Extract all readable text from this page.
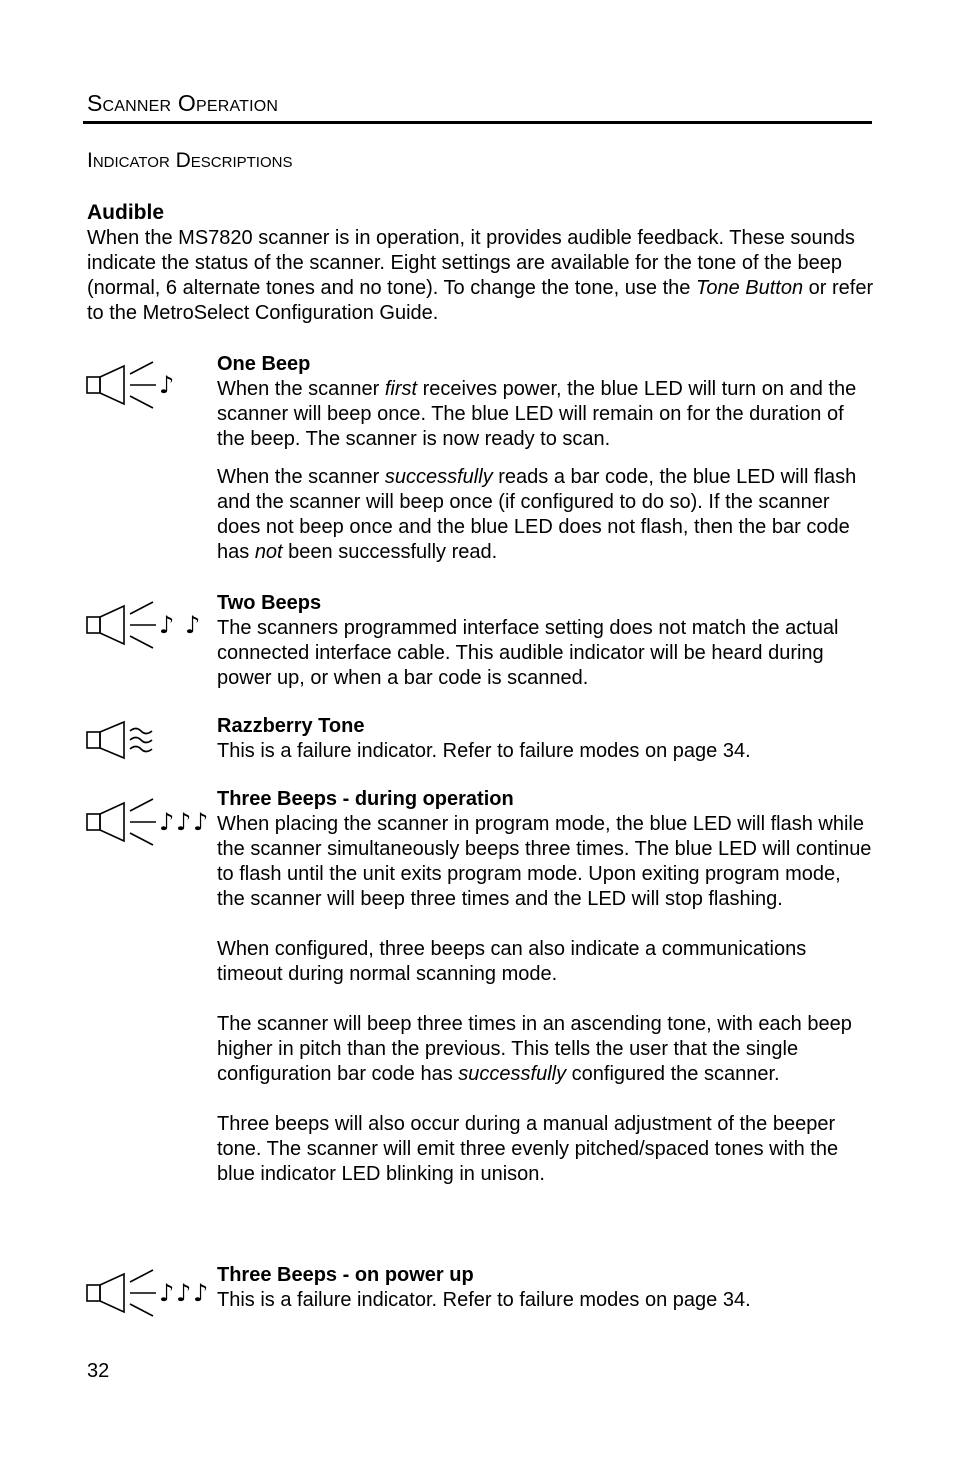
Scanner Operation
Indicator Descriptions
Audible

When the MS7820 scanner is in operation, it provides audible feedback. These sounds indicate the status of the scanner. Eight settings are available for the tone of the beep (normal, 6 alternate tones and no tone). To change the tone, use the Tone Button or refer to the MetroSelect Configuration Guide.

♪
One Beep

When the scanner first receives power, the blue LED will turn on and the scanner will beep once. The blue LED will remain on for the duration of the beep. The scanner is now ready to scan.

When the scanner successfully reads a bar code, the blue LED will flash and the scanner will beep once (if configured to do so). If the scanner does not beep once and the blue LED does not flash, then the bar code has not been successfully read.

♪ ♪
Two Beeps
The scanners programmed interface setting does not match the actual connected interface cable. This audible indicator will be heard during power up, or when a bar code is scanned.
Razzberry Tone
This is a failure indicator. Refer to failure modes on page 34.
♪ ♪ ♪
Three Beeps - during operation

When placing the scanner in program mode, the blue LED will flash while the scanner simultaneously beeps three times. The blue LED will continue to flash until the unit exits program mode. Upon exiting program mode, the scanner will beep three times and the LED will stop flashing.

When configured, three beeps can also indicate a communications timeout during normal scanning mode.

The scanner will beep three times in an ascending tone, with each beep higher in pitch than the previous. This tells the user that the single configuration bar code has successfully configured the scanner.

Three beeps will also occur during a manual adjustment of the beeper tone. The scanner will emit three evenly pitched/spaced tones with the blue indicator LED blinking in unison.

♪ ♪ ♪
Three Beeps - on power up
This is a failure indicator. Refer to failure modes on page 34.
32
